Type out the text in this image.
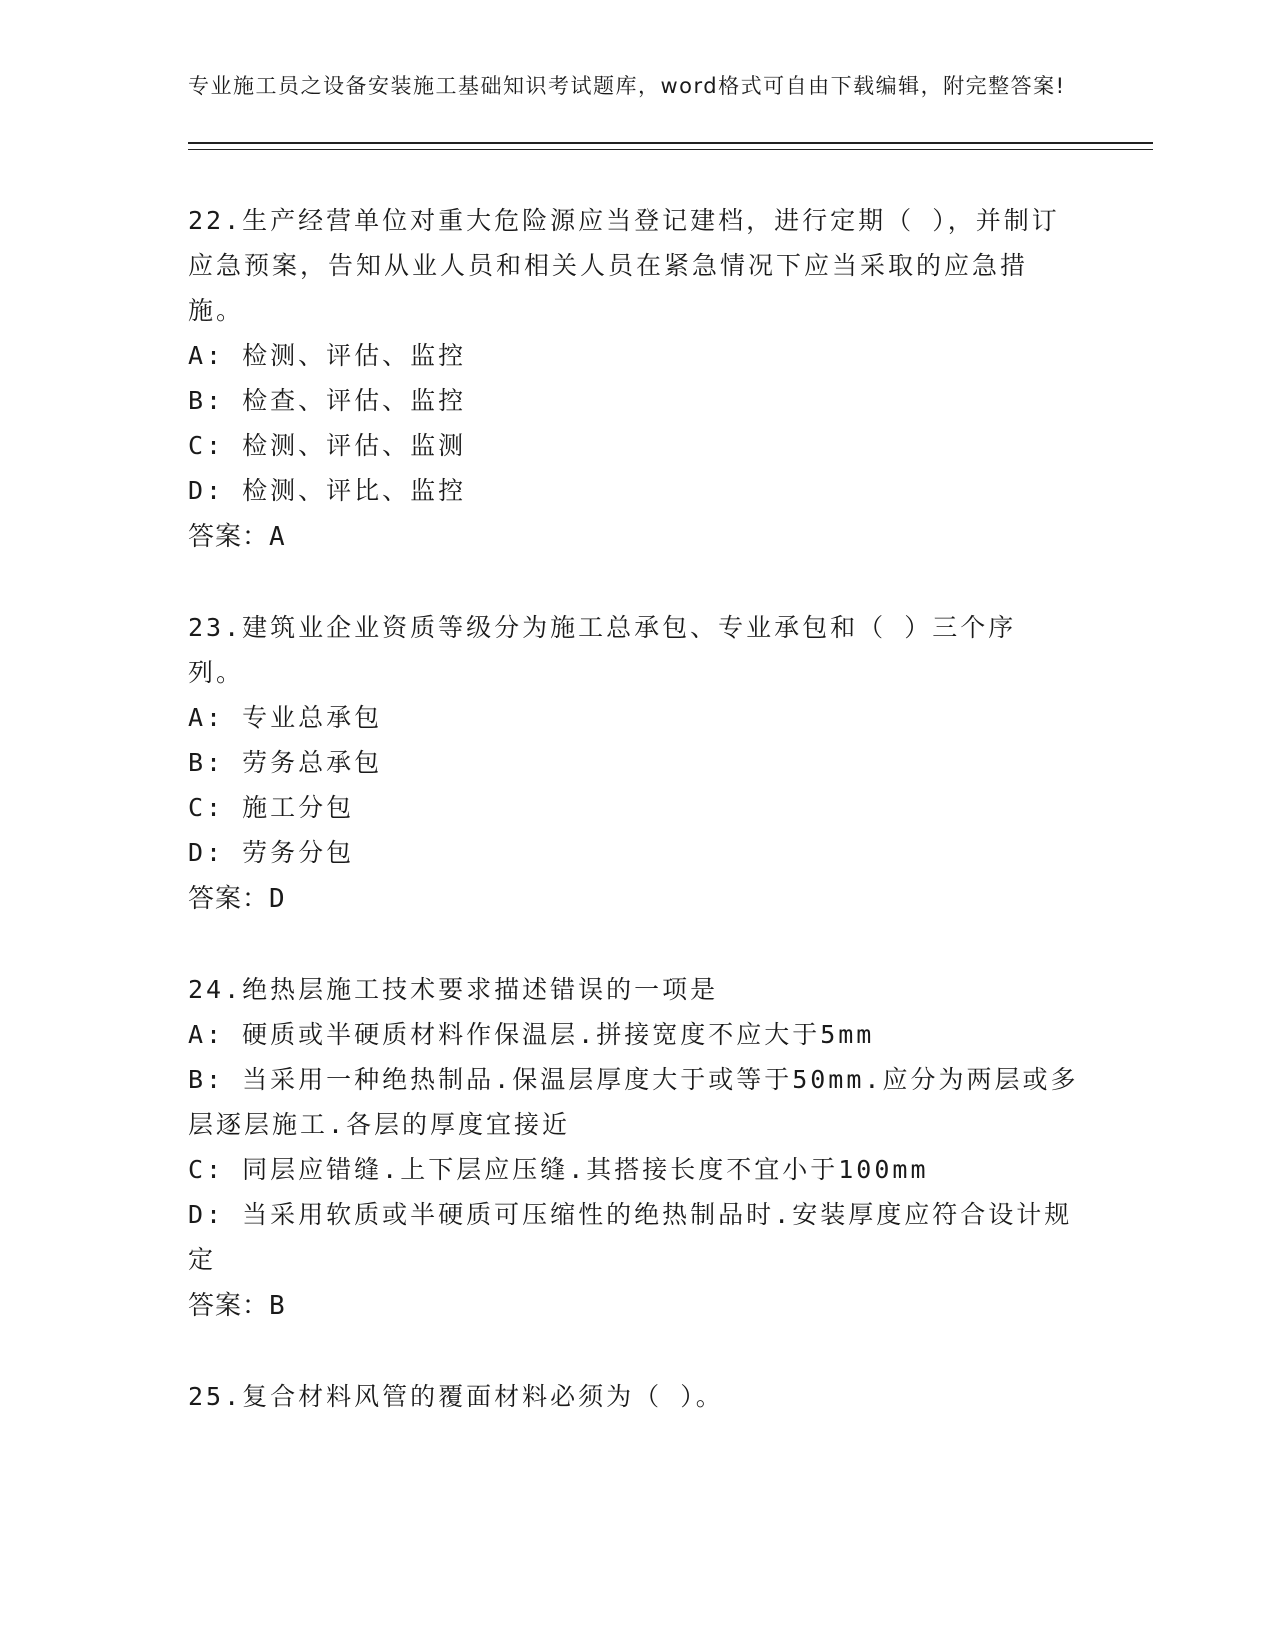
专业施工员之设备安装施工基础知识考试题库，word格式可自由下载编辑，附完整答案!

22.生产经营单位对重大危险源应当登记建档，进行定期（ ），并制订应急预案，告知从业人员和相关人员在紧急情况下应当采取的应急措施。

A: 检测、评估、监控

B: 检查、评估、监控

C: 检测、评估、监测

D: 检测、评比、监控

答案：A

23.建筑业企业资质等级分为施工总承包、专业承包和（ ）三个序列。

A: 专业总承包

B: 劳务总承包

C: 施工分包

D: 劳务分包

答案：D

24.绝热层施工技术要求描述错误的一项是

A: 硬质或半硬质材料作保温层.拼接宽度不应大于5mm

B: 当采用一种绝热制品.保温层厚度大于或等于50mm.应分为两层或多层逐层施工.各层的厚度宜接近

C: 同层应错缝.上下层应压缝.其搭接长度不宜小于100mm

D: 当采用软质或半硬质可压缩性的绝热制品时.安装厚度应符合设计规定

答案：B

25.复合材料风管的覆面材料必须为（ ）。
